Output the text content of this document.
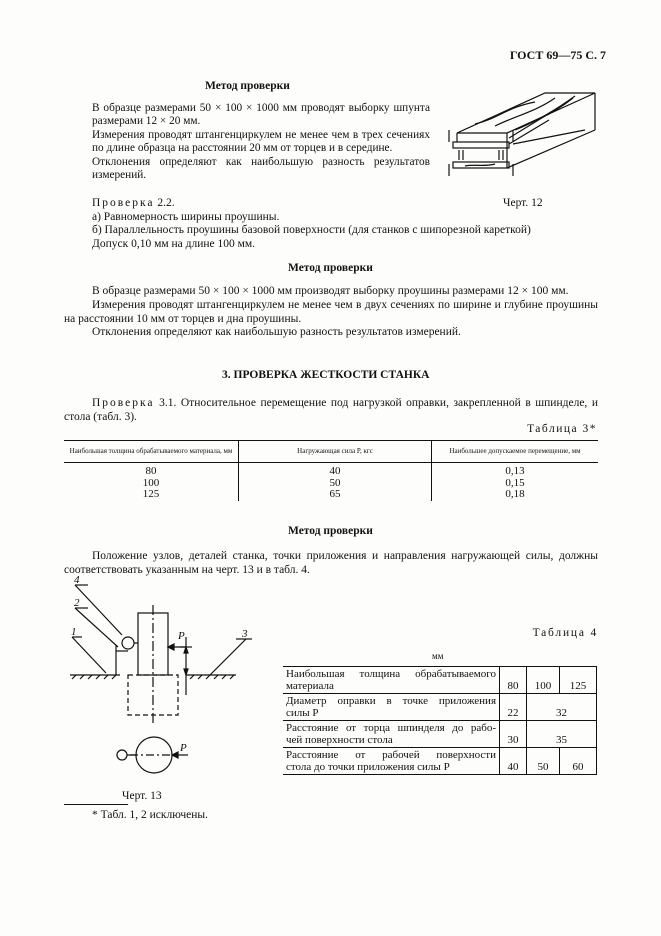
ГОСТ 69—75 С. 7
Метод проверки

В образце размерами 50 × 100 × 1000 мм проводят выборку шпунта размерами 12 × 20 мм.

Измерения проводят штангенциркулем не менее чем в трех сечениях по длине образца на расстоянии 20 мм от торцев и в середине.

Отклонения определяют как наибольшую разность результатов измерений.

Черт. 12

Проверка 2.2.

а) Равномерность ширины проушины.

б) Параллельность проушины базовой поверхности (для станков с шипорезной кареткой)

Допуск 0,10 мм на длине 100 мм.

Метод проверки

В образце размерами 50 × 100 × 1000 мм производят выборку проушины размерами 12 × 100 мм.

Измерения проводят штангенциркулем не менее чем в двух сечениях по ширине и глубине проушины на расстоянии 10 мм от торцев и дна проушины.

Отклонения определяют как наибольшую разность результатов измерений.

3. ПРОВЕРКА ЖЕСТКОСТИ СТАНКА
Проверка 3.1. Относительное перемещение под нагрузкой оправки, закрепленной в шпинделе, и стола (табл. 3).
Таблица 3*
Наибольшая толщина обрабатываемого материала, мм	Нагружающая сила P, кгс	Наибольшее допускаемое перемещение, мм
80	40	0,13
100	50	0,15
125	65	0,18
Метод проверки
Положение узлов, деталей станка, точки приложения и направления нагружающей силы, должны соответствовать указанным на черт. 13 и в табл. 4.
4
2
1	3
P
P
Черт. 13
Таблица 4
мм
Наибольшая толщина обрабатываемого
материала	80	100	125
Диаметр оправки в точке приложения
силы P	22	32	
Расстояние от торца шпинделя до рабо-
чей поверхности стола	30	35	
Расстояние от рабочей поверхности
стола до точки приложения силы P	40	50	60
* Табл. 1, 2 исключены.
